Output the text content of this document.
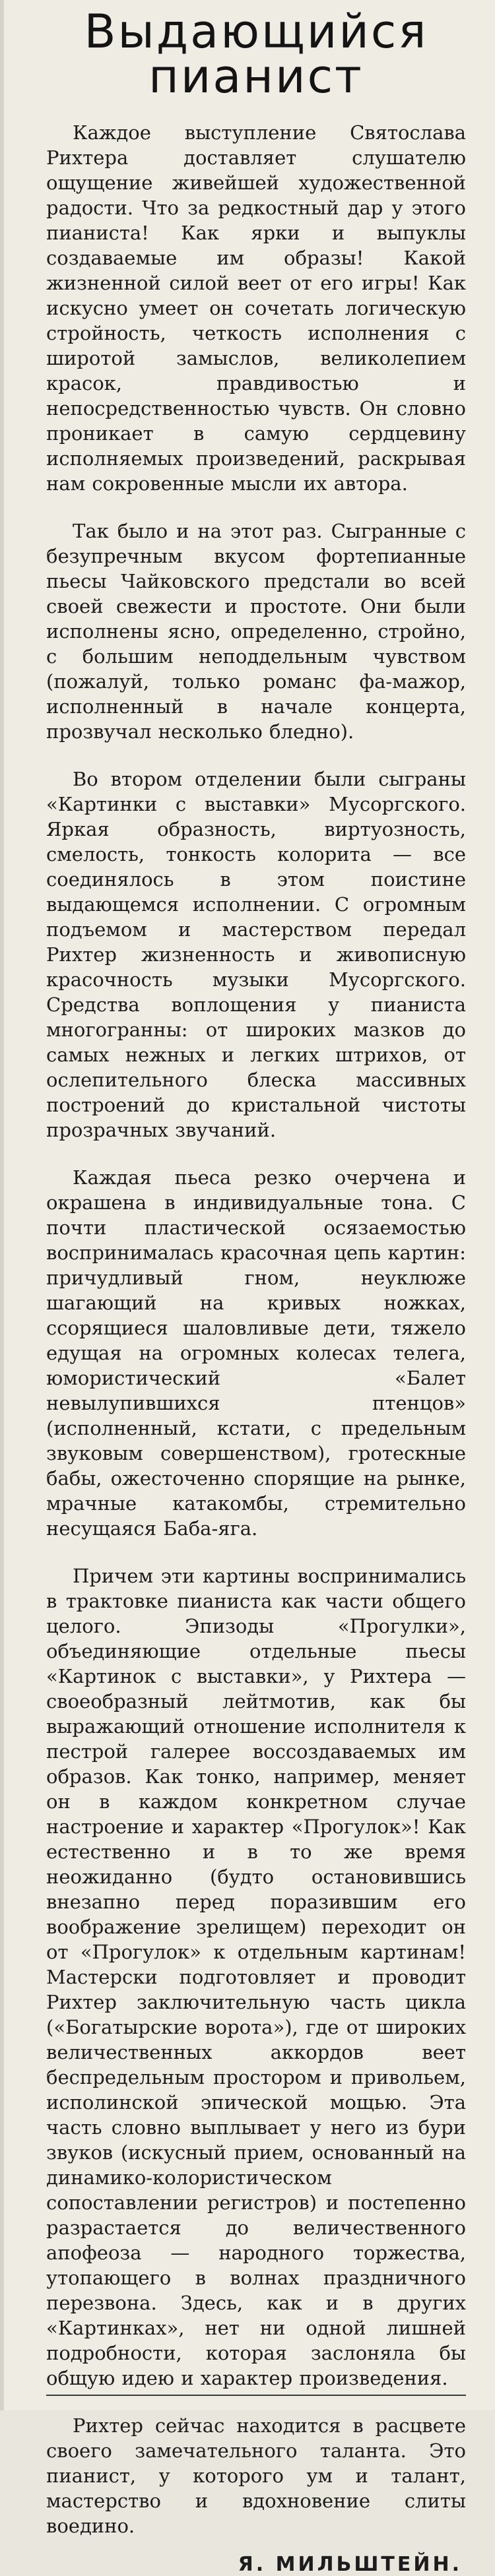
Выдающийся
пианист

Каждое выступление Святослава Рихтера доставляет слушателю ощущение живейшей художественной радости. Что за редкостный дар у этого пианиста! Как ярки и выпуклы создаваемые им образы! Какой жизненной силой веет от его игры! Как искусно умеет он сочетать логическую стройность, четкость исполнения с широтой замыслов, великолепием красок, правдивостью и непосредственностью чувств. Он словно проникает в самую сердцевину исполняемых произведений, раскрывая нам сокровенные мысли их автора.

Так было и на этот раз. Сыгранные с безупречным вкусом фортепианные пьесы Чайковского предстали во всей своей свежести и простоте. Они были исполнены ясно, определенно, стройно, с большим неподдельным чувством (пожалуй, только романс фа-мажор, исполненный в начале концерта, прозвучал несколько бледно).

Во втором отделении были сыграны «Картинки с выставки» Мусоргского. Яркая образность, виртуозность, смелость, тонкость колорита — все соединялось в этом поистине выдающемся исполнении. С огромным подъемом и мастерством передал Рихтер жизненность и живописную красочность музыки Мусоргского. Средства воплощения у пианиста многогранны: от широких мазков до самых нежных и легких штрихов, от ослепительного блеска массивных построений до кристальной чистоты прозрачных звучаний.

Каждая пьеса резко очерчена и окрашена в индивидуальные тона. С почти пластической осязаемостью воспринималась красочная цепь картин: причудливый гном, неуклюже шагающий на кривых ножках, ссорящиеся шаловливые дети, тяжело едущая на огромных колесах телега, юмористический «Балет невылупившихся птенцов» (исполненный, кстати, с предельным звуковым совершенством), гротескные бабы, ожесточенно спорящие на рынке, мрачные катакомбы, стремительно несущаяся Баба-яга.

Причем эти картины воспринимались в трактовке пианиста как части общего целого. Эпизоды «Прогулки», объединяющие отдельные пьесы «Картинок с выставки», у Рихтера — своеобразный лейтмотив, как бы выражающий отношение исполнителя к пестрой галерее воссоздаваемых им образов. Как тонко, например, меняет он в каждом конкретном случае настроение и характер «Прогулок»! Как естественно и в то же время неожиданно (будто остановившись внезапно перед поразившим его воображение зрелищем) переходит он от «Прогулок» к отдельным картинам! Мастерски подготовляет и проводит Рихтер заключительную часть цикла («Богатырские ворота»), где от широких величественных аккордов веет беспредельным простором и привольем, исполинской эпической мощью. Эта часть словно выплывает у него из бури звуков (искусный прием, основанный на динамико-колористическом сопоставлении регистров) и постепенно разрастается до величественного апофеоза — народного торжества, утопающего в волнах праздничного перезвона. Здесь, как и в других «Картинках», нет ни одной лишней подробности, которая заслоняла бы общую идею и характер произведения.

Рихтер сейчас находится в расцвете своего замечательного таланта. Это пианист, у которого ум и талант, мастерство и вдохновение слиты воедино.

Я. МИЛЬШТЕЙН.
